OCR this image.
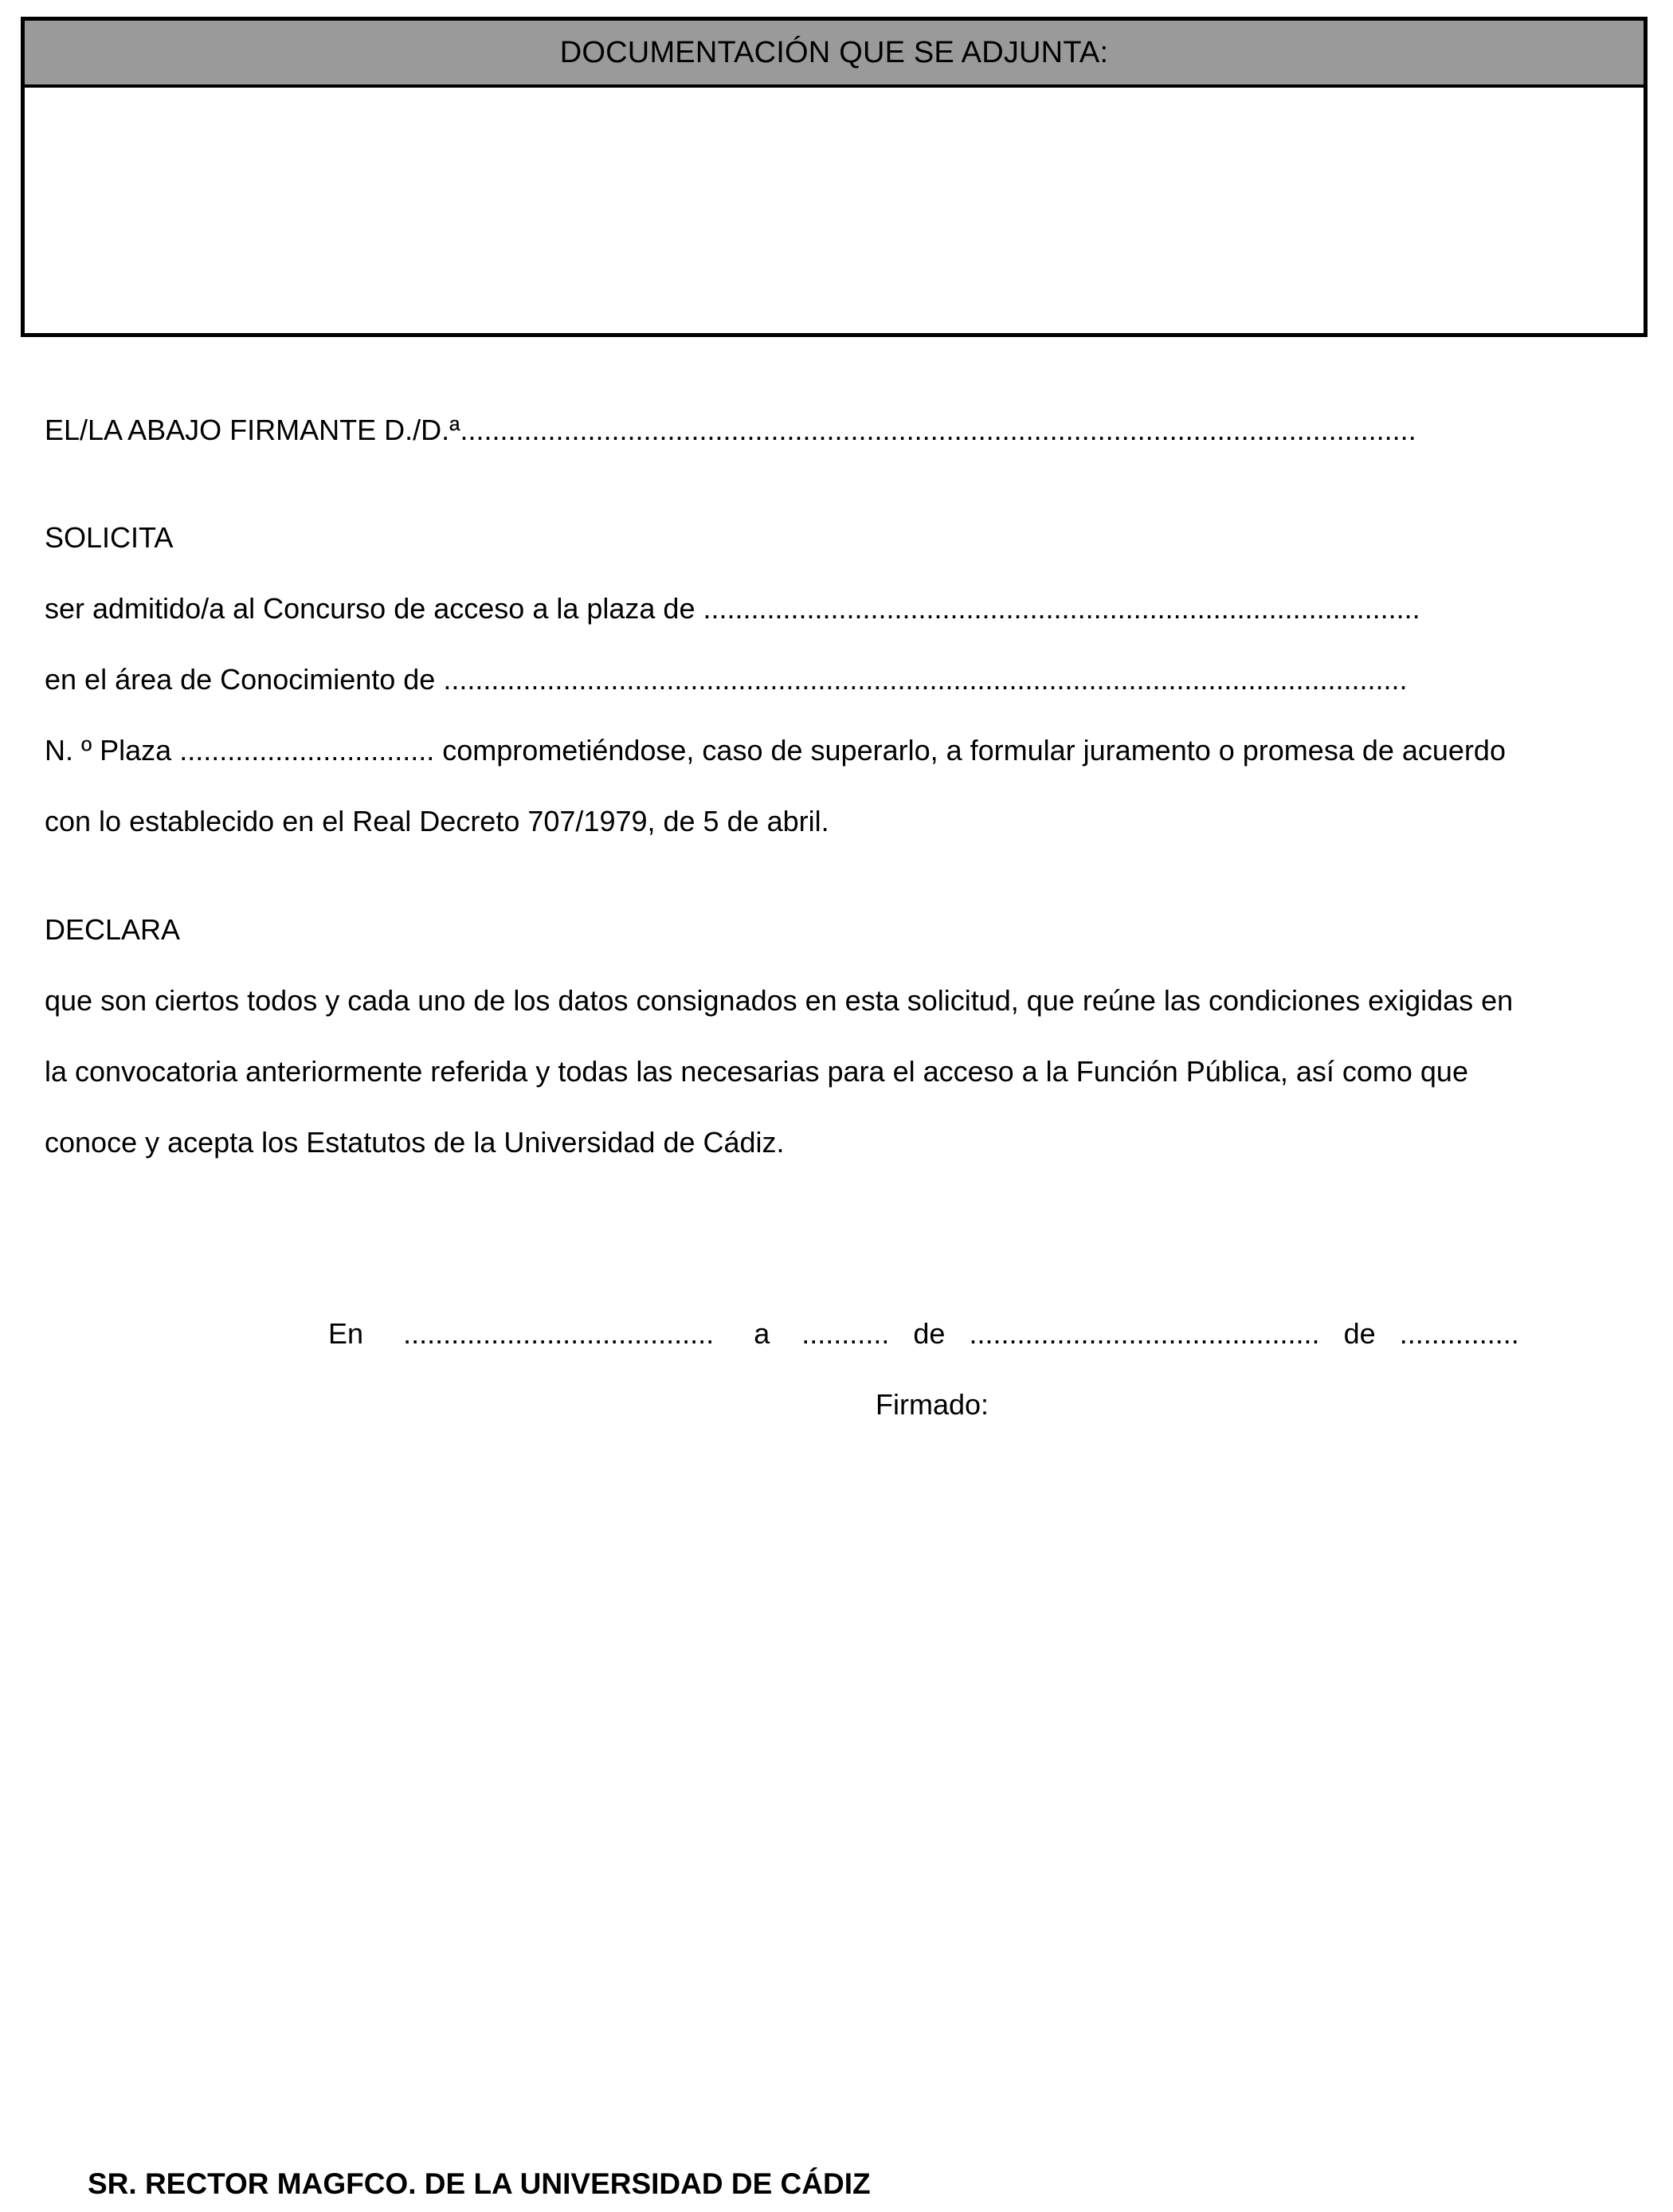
DOCUMENTACIÓN QUE SE ADJUNTA:
EL/LA ABAJO FIRMANTE D./D.ª........................................................................................................................
SOLICITA
ser admitido/a al Concurso de acceso a la plaza de ..........................................................................................
en el área de Conocimiento de .........................................................................................................................
N. º Plaza ................................ comprometiéndose, caso de superarlo, a formular juramento o promesa de acuerdo
con lo establecido en el Real Decreto 707/1979, de 5 de abril.
DECLARA
que son ciertos todos y cada uno de los datos consignados en esta solicitud, que reúne las condiciones exigidas en
la convocatoria anteriormente referida y todas las necesarias para el acceso a la Función Pública, así como que
conoce y acepta los Estatutos de la Universidad de Cádiz.
En ....................................... a ........... de ............................................ de ...............
Firmado:
SR. RECTOR MAGFCO. DE LA UNIVERSIDAD DE CÁDIZ
